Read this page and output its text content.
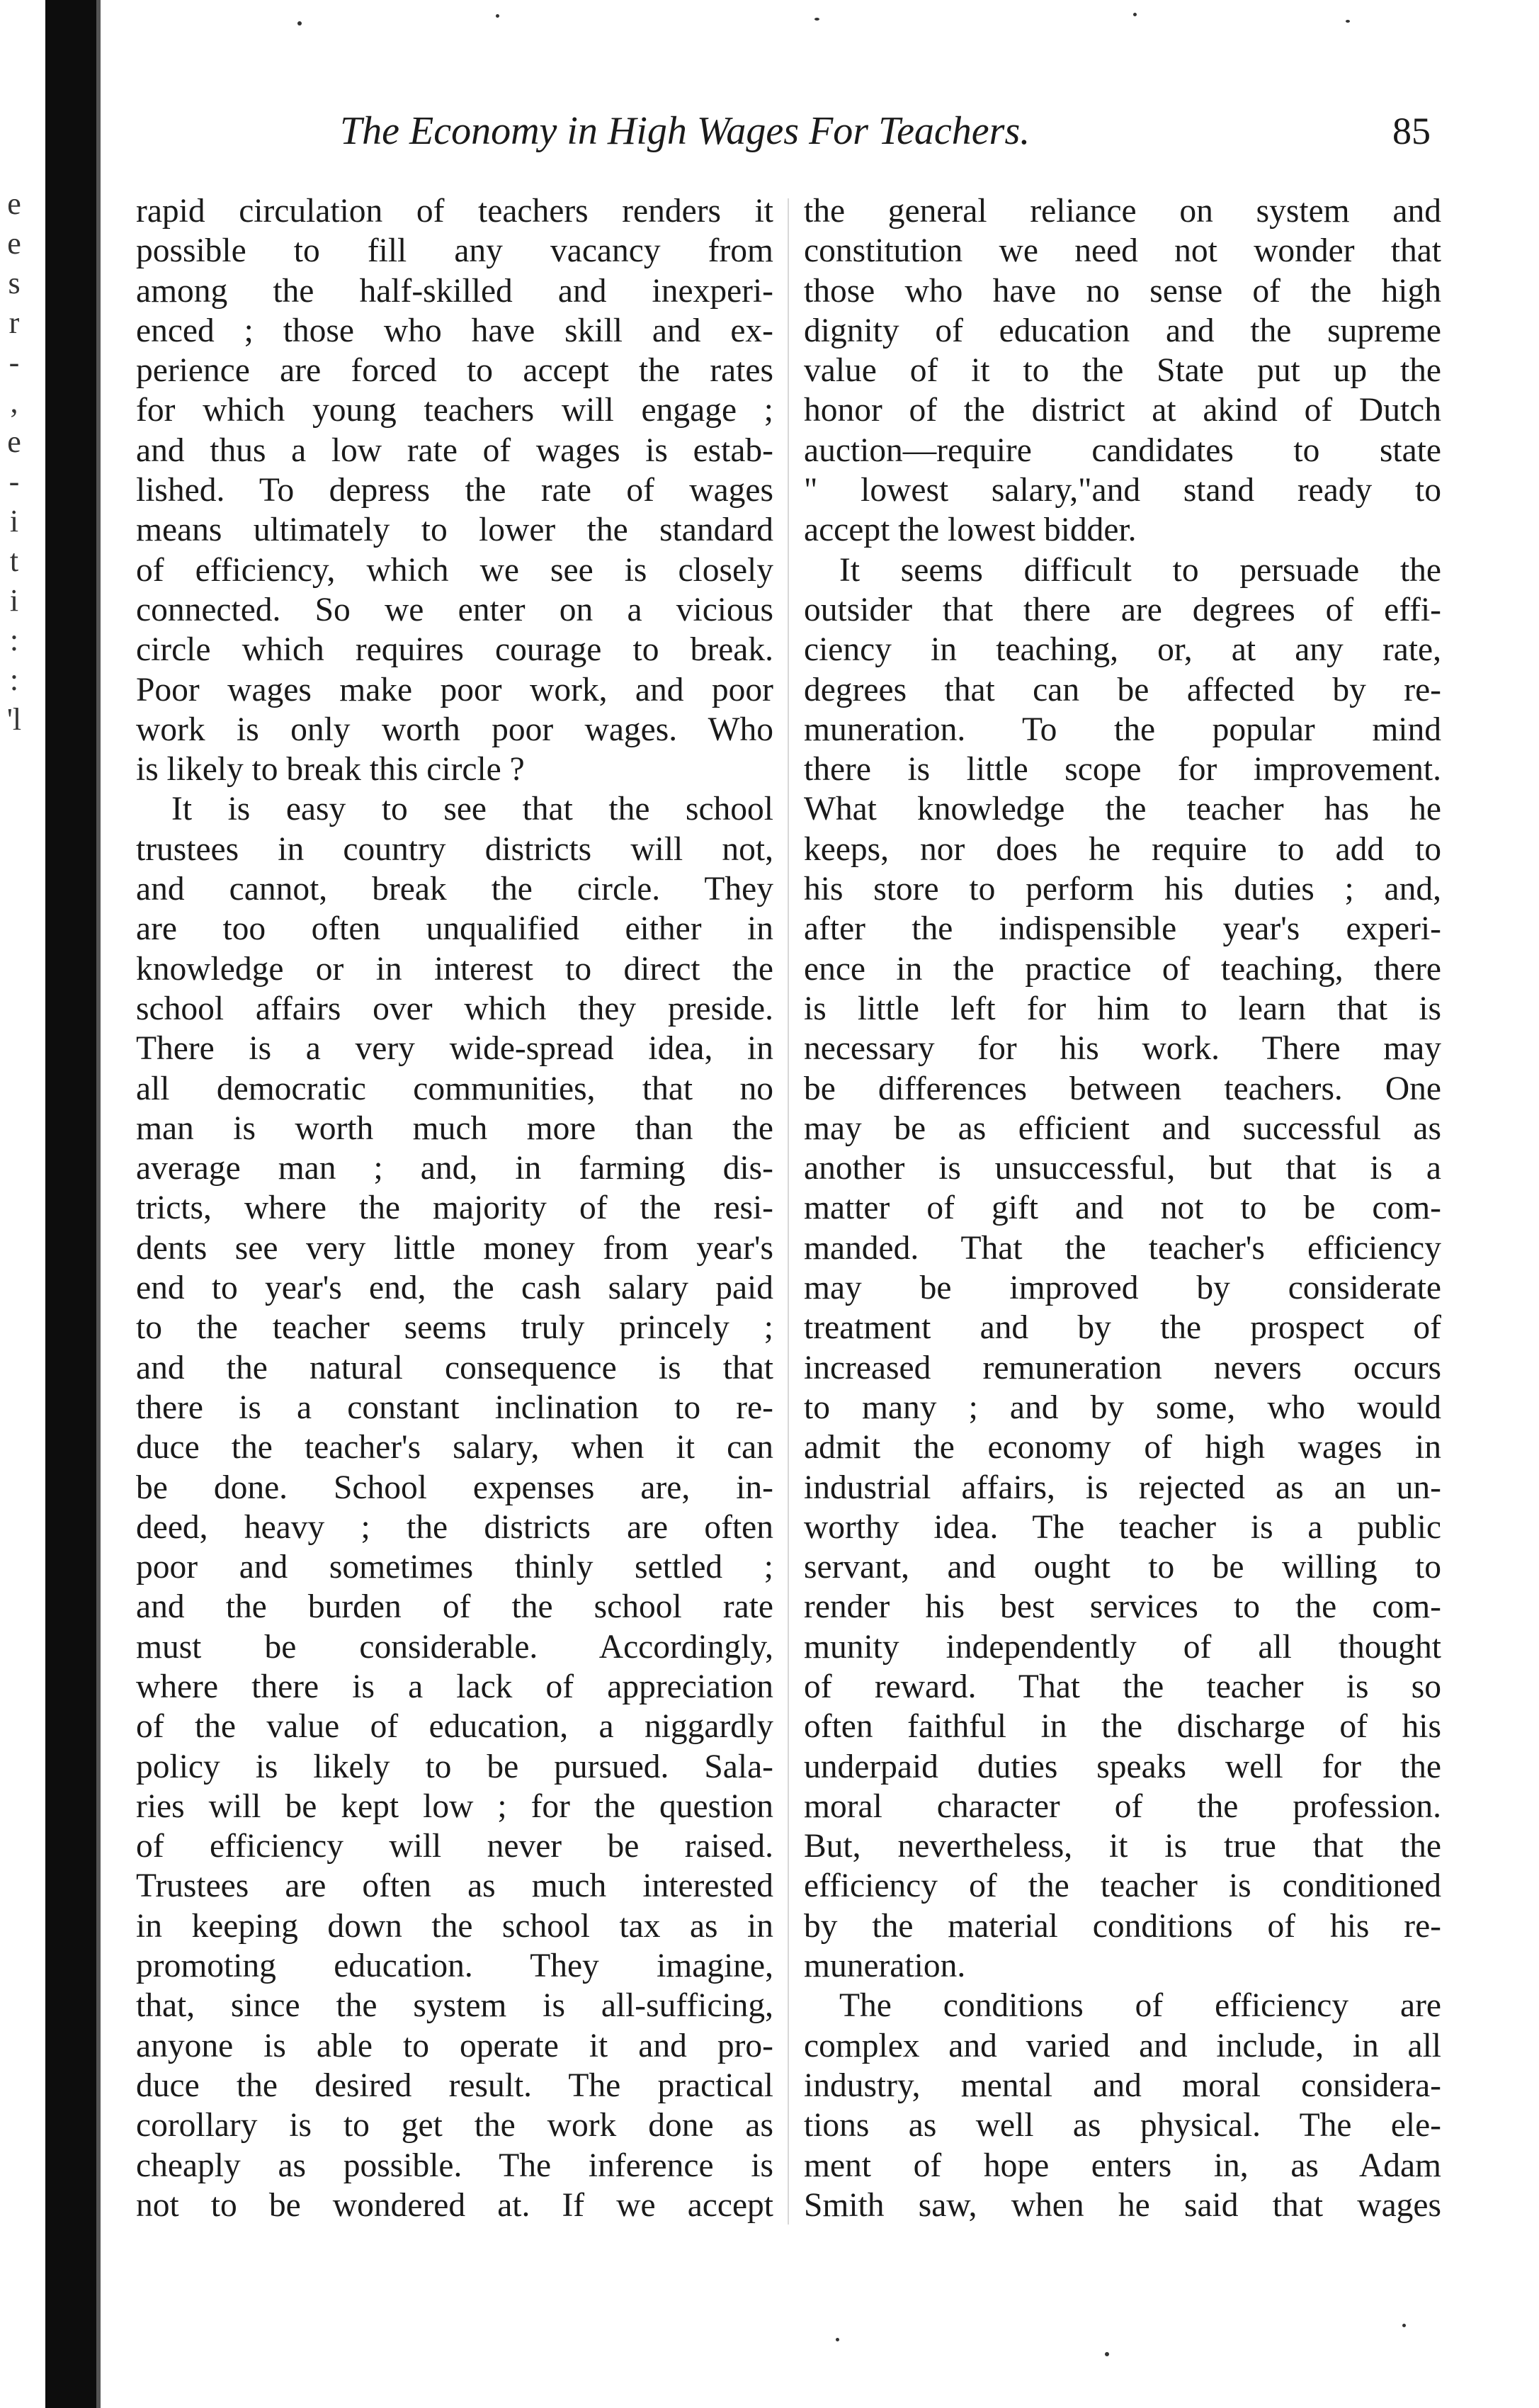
e
e
s
r
-
,
e
-
i
t
i
:
:
'l
The Economy in High Wages For Teachers.	85
rapid circulation of teachers renders it
possible to fill any vacancy from
among the half-skilled and inexperi-
enced ; those who have skill and ex-
perience are forced to accept the rates
for which young teachers will engage ;
and thus a low rate of wages is estab-
lished. To depress the rate of wages
means ultimately to lower the standard
of efficiency, which we see is closely
connected. So we enter on a vicious
circle which requires courage to break.
Poor wages make poor work, and poor
work is only worth poor wages. Who
is likely to break this circle ?
It is easy to see that the school
trustees in country districts will not,
and cannot, break the circle. They
are too often unqualified either in
knowledge or in interest to direct the
school affairs over which they preside.
There is a very wide-spread idea, in
all democratic communities, that no
man is worth much more than the
average man ; and, in farming dis-
tricts, where the majority of the resi-
dents see very little money from year's
end to year's end, the cash salary paid
to the teacher seems truly princely ;
and the natural consequence is that
there is a constant inclination to re-
duce the teacher's salary, when it can
be done. School expenses are, in-
deed, heavy ; the districts are often
poor and sometimes thinly settled ;
and the burden of the school rate
must be considerable. Accordingly,
where there is a lack of appreciation
of the value of education, a niggardly
policy is likely to be pursued. Sala-
ries will be kept low ; for the question
of efficiency will never be raised.
Trustees are often as much interested
in keeping down the school tax as in
promoting education. They imagine,
that, since the system is all-sufficing,
anyone is able to operate it and pro-
duce the desired result. The practical
corollary is to get the work done as
cheaply as possible. The inference is
not to be wondered at. If we accept
the general reliance on system and
constitution we need not wonder that
those who have no sense of the high
dignity of education and the supreme
value of it to the State put up the
honor of the district at akind of Dutch
auction—require candidates to state
" lowest salary,"and stand ready to
accept the lowest bidder.
It seems difficult to persuade the
outsider that there are degrees of effi-
ciency in teaching, or, at any rate,
degrees that can be affected by re-
muneration. To the popular mind
there is little scope for improvement.
What knowledge the teacher has he
keeps, nor does he require to add to
his store to perform his duties ; and,
after the indispensible year's experi-
ence in the practice of teaching, there
is little left for him to learn that is
necessary for his work. There may
be differences between teachers. One
may be as efficient and successful as
another is unsuccessful, but that is a
matter of gift and not to be com-
manded. That the teacher's efficiency
may be improved by considerate
treatment and by the prospect of
increased remuneration nevers occurs
to many ; and by some, who would
admit the economy of high wages in
industrial affairs, is rejected as an un-
worthy idea. The teacher is a public
servant, and ought to be willing to
render his best services to the com-
munity independently of all thought
of reward. That the teacher is so
often faithful in the discharge of his
underpaid duties speaks well for the
moral character of the profession.
But, nevertheless, it is true that the
efficiency of the teacher is conditioned
by the material conditions of his re-
muneration.
The conditions of efficiency are
complex and varied and include, in all
industry, mental and moral considera-
tions as well as physical. The ele-
ment of hope enters in, as Adam
Smith saw, when he said that wages
